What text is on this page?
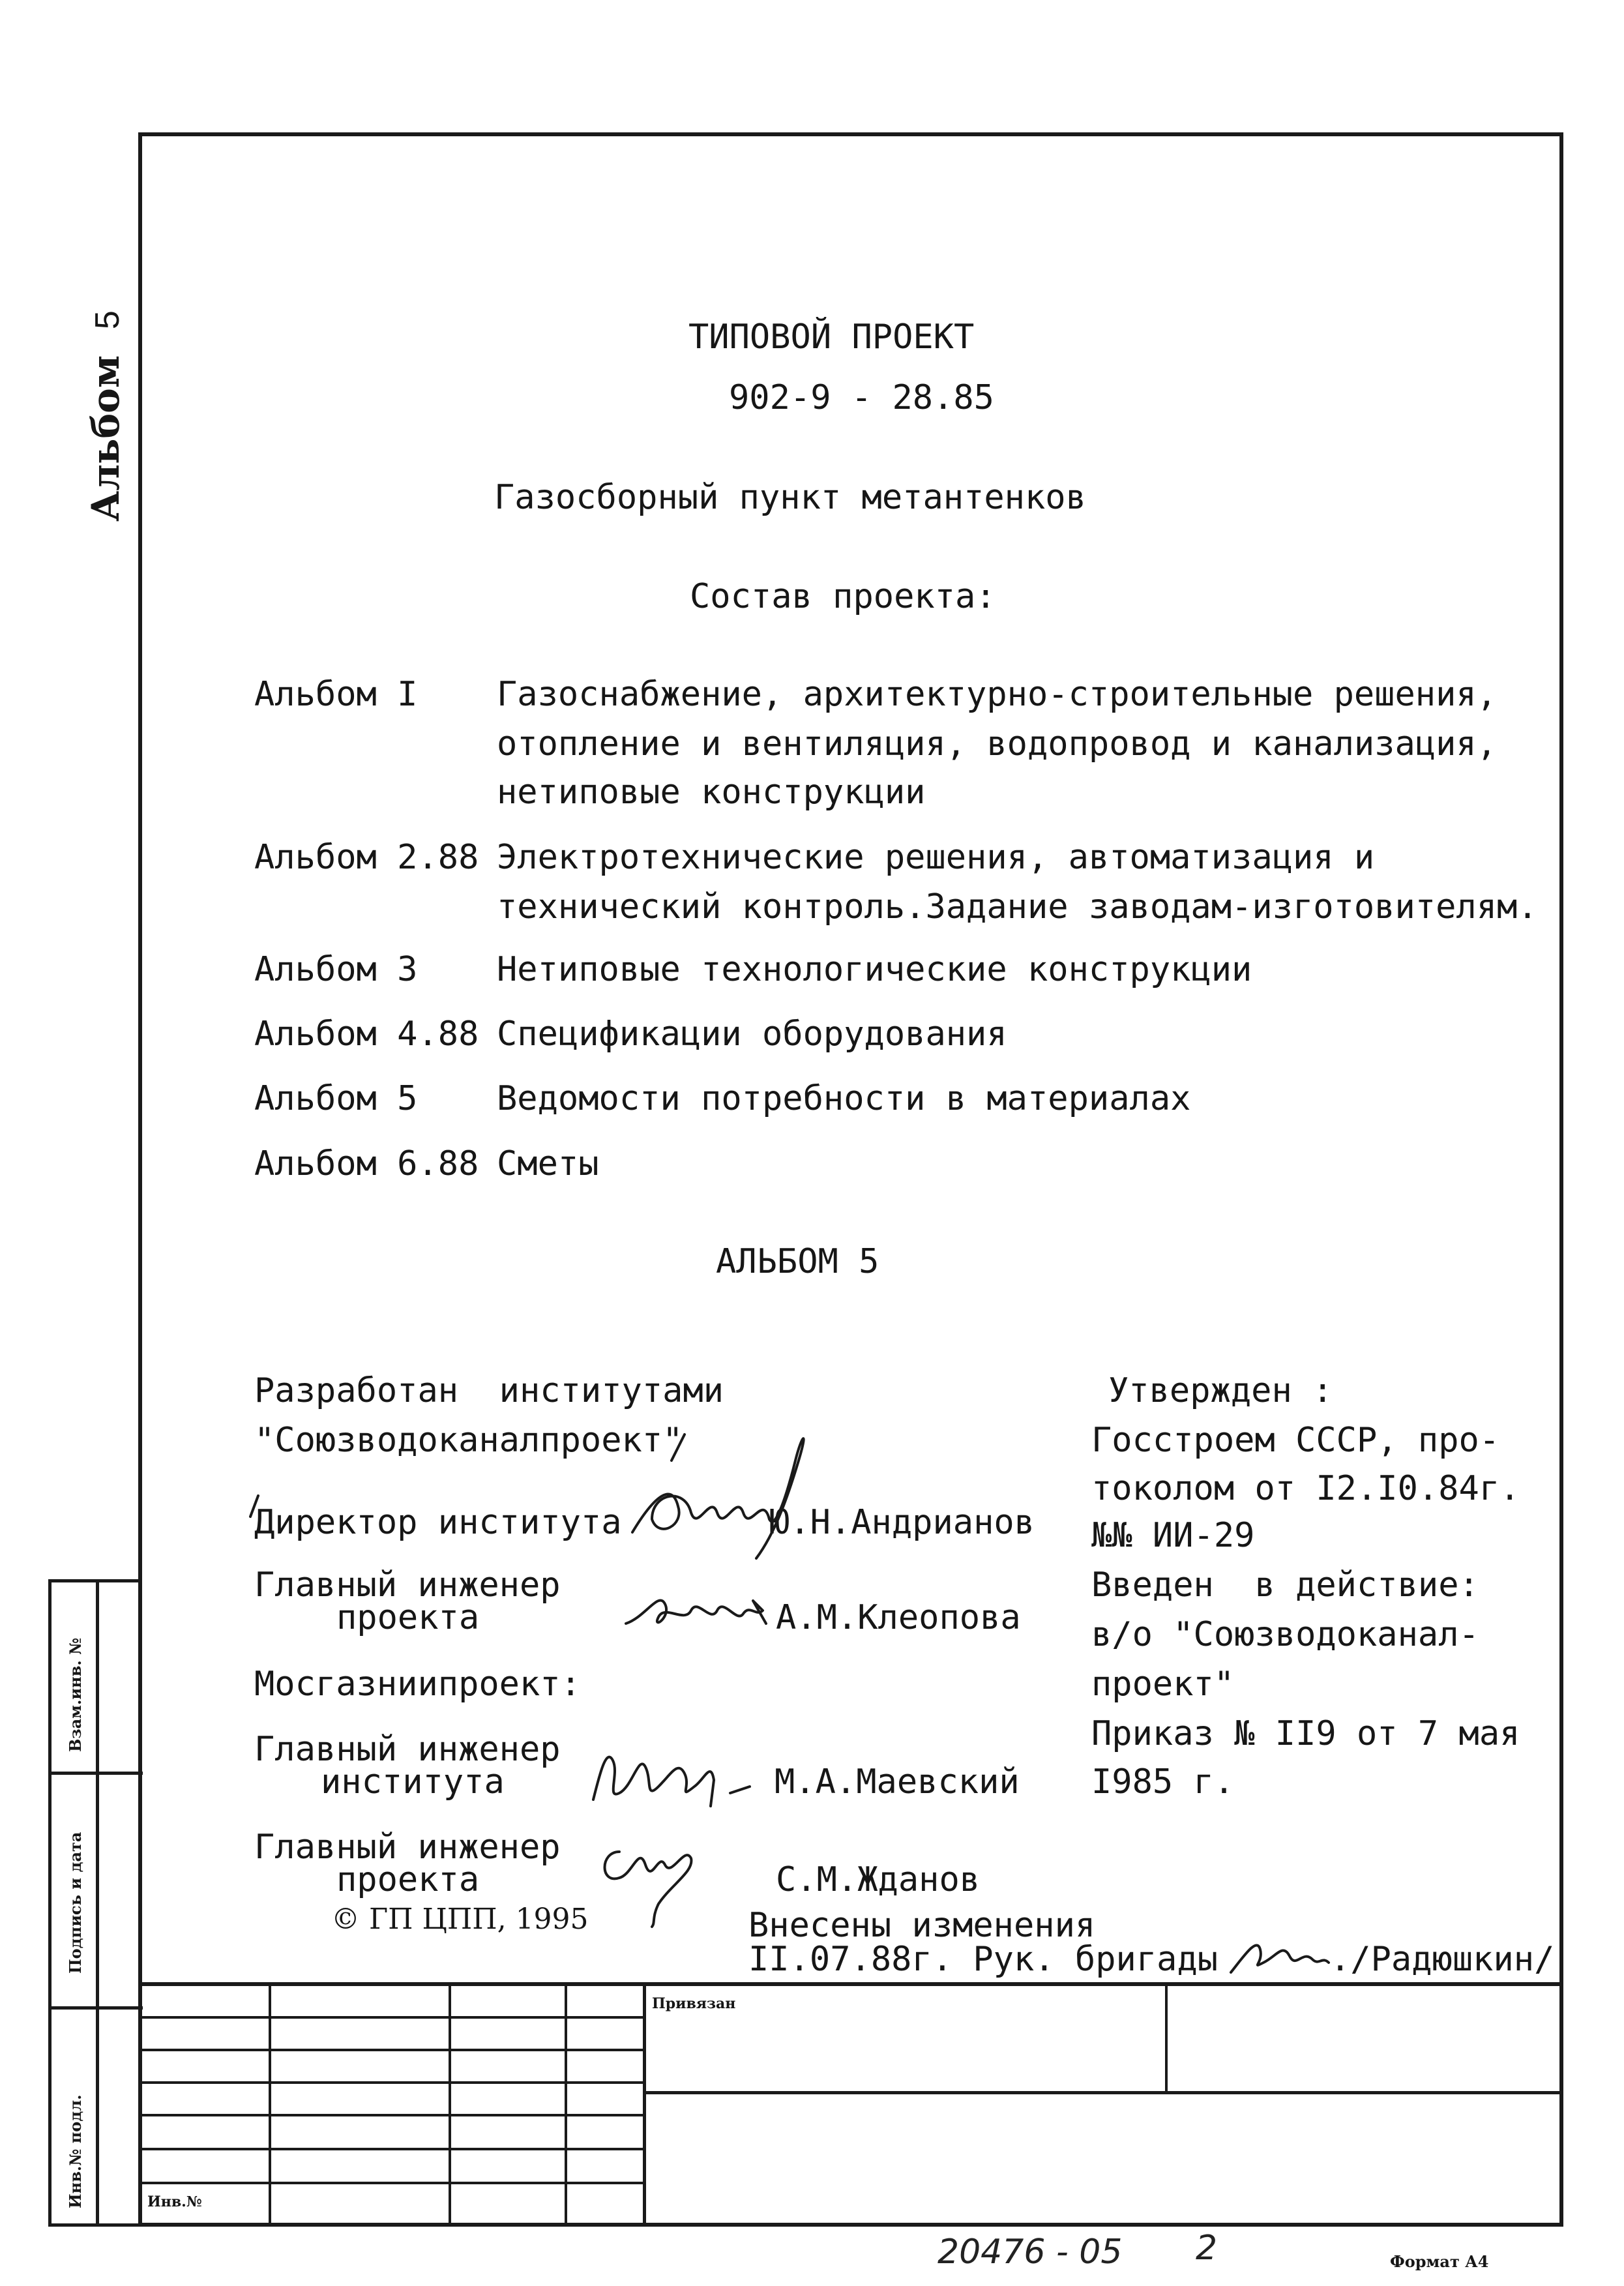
Альбом 5
Взам.инв. №
Подпись и дата
Инв.№ подл.
ТИПОВОЙ ПРОЕКТ
902-9 - 28.85
Газосборный пункт метантенков
Состав проекта:
Альбом I Газоснабжение, архитектурно-строительные решения,
отопление и вентиляция, водопровод и канализация,
нетиповые конструкции
Альбом 2.88 Электротехнические решения, автоматизация и
технический контроль.Задание заводам-изготовителям.
Альбом 3 Нетиповые технологические конструкции
Альбом 4.88 Спецификации оборудования
Альбом 5 Ведомости потребности в материалах
Альбом 6.88 Сметы
АЛЬБОМ 5
Разработан  институтами
"Союзводоканалпроект"
Директор института	Ю.Н.Андрианов
Главный инженер
проекта	А.М.Клеопова
Мосгазниипроект:
Главный инженер
института	М.А.Маевский
Главный инженер
проекта	С.М.Жданов
© ГП ЦПП, 1995
Утвержден :
Госстроем СССР, про-
токолом от I2.I0.84г.
№№ ИИ-29
Введен  в действие:
в/о "Союзводоканал-
проект"
Приказ № II9 от 7 мая
I985 г.
Внесены изменения
II.07.88г. Рук. бригады	./Радюшкин/
Привязан
Инв.№
20476 - 05 2	Формат А4
